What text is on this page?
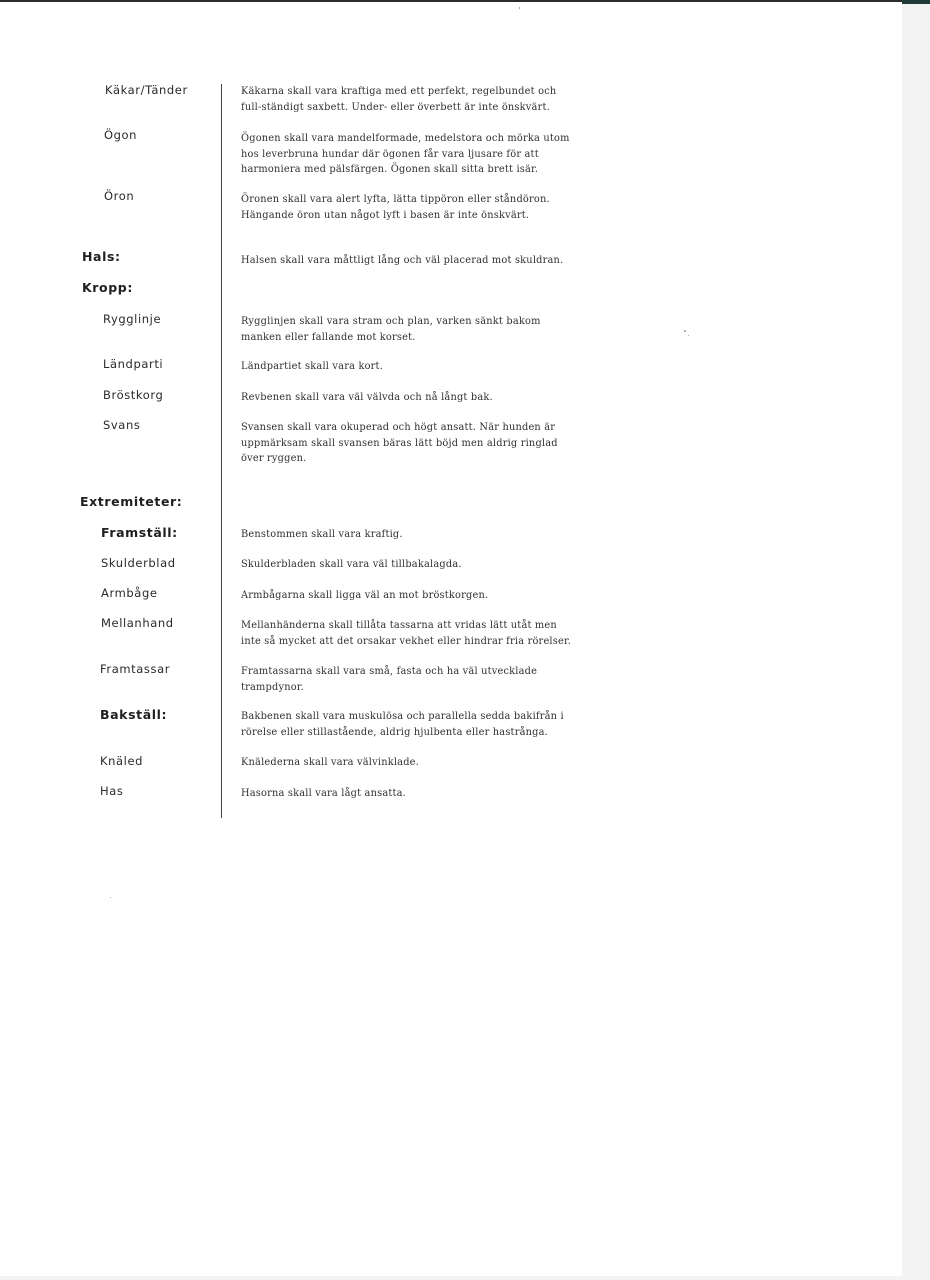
Käkar/Tänder	Käkarna skall vara kraftiga med ett perfekt, regelbundet och full-ständigt saxbett. Under- eller överbett är inte önskvärt.
Ögon	Ögonen skall vara mandelformade, medelstora och mörka utom hos leverbruna hundar där ögonen får vara ljusare för att harmoniera med pälsfärgen. Ögonen skall sitta brett isär.
Öron	Öronen skall vara alert lyfta, lätta tippöron eller ståndöron. Hängande öron utan något lyft i basen är inte önskvärt.
Hals:	Halsen skall vara måttligt lång och väl placerad mot skuldran.
Kropp:
Rygglinje	Rygglinjen skall vara stram och plan, varken sänkt bakom manken eller fallande mot korset.
Ländparti	Ländpartiet skall vara kort.
Bröstkorg	Revbenen skall vara väl välvda och nå långt bak.
Svans	Svansen skall vara okuperad och högt ansatt. När hunden är uppmärksam skall svansen bäras lätt böjd men aldrig ringlad över ryggen.
Extremiteter:
Framställ:	Benstommen skall vara kraftig.
Skulderblad	Skulderbladen skall vara väl tillbakalagda.
Armbåge	Armbågarna skall ligga väl an mot bröstkorgen.
Mellanhand	Mellanhänderna skall tillåta tassarna att vridas lätt utåt men inte så mycket att det orsakar vekhet eller hindrar fria rörelser.
Framtassar	Framtassarna skall vara små, fasta och ha väl utvecklade trampdynor.
Bakställ:	Bakbenen skall vara muskulösa och parallella sedda bakifrån i rörelse eller stillastående, aldrig hjulbenta eller hastrånga.
Knäled	Knälederna skall vara välvinklade.
Has	Hasorna skall vara lågt ansatta.
